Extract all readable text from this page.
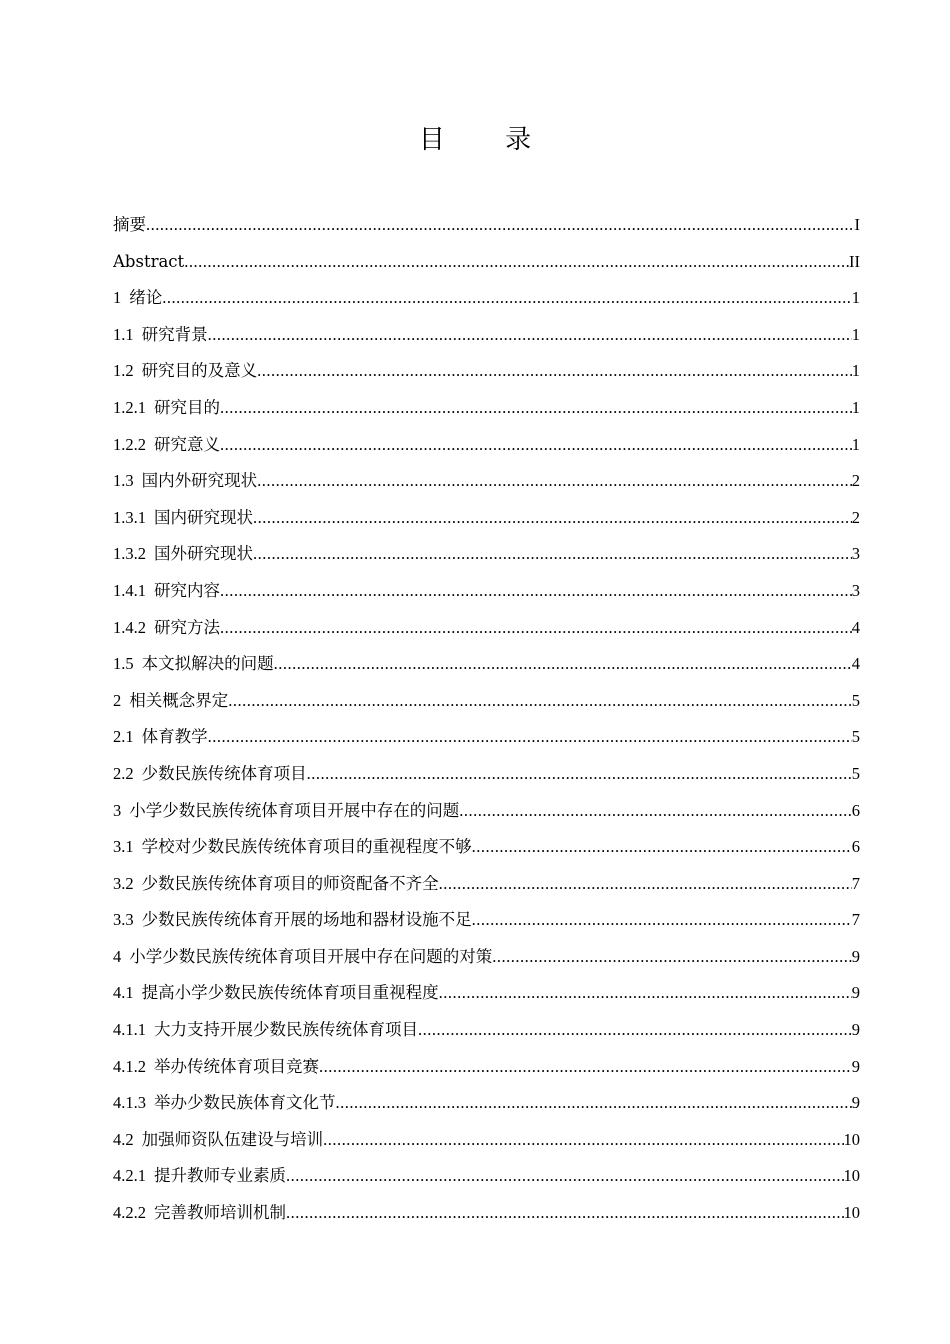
目 录
摘要 .....	I
Abstract .....	II
1 绪论 .....	1
1.1 研究背景 .....	1
1.2 研究目的及意义 .....	1
1.2.1 研究目的 .....	1
1.2.2 研究意义 .....	1
1.3 国内外研究现状 .....	2
1.3.1 国内研究现状 .....	2
1.3.2 国外研究现状 .....	3
1.4.1 研究内容 .....	3
1.4.2 研究方法 .....	4
1.5 本文拟解决的问题 .....	4
2 相关概念界定 .....	5
2.1 体育教学 .....	5
2.2 少数民族传统体育项目 .....	5
3 小学少数民族传统体育项目开展中存在的问题 .....	6
3.1 学校对少数民族传统体育项目的重视程度不够 .....	6
3.2 少数民族传统体育项目的师资配备不齐全 .....	7
3.3 少数民族传统体育开展的场地和器材设施不足 .....	7
4 小学少数民族传统体育项目开展中存在问题的对策 .....	9
4.1 提高小学少数民族传统体育项目重视程度 .....	9
4.1.1 大力支持开展少数民族传统体育项目 .....	9
4.1.2 举办传统体育项目竞赛 .....	9
4.1.3 举办少数民族体育文化节 .....	9
4.2 加强师资队伍建设与培训 .....	10
4.2.1 提升教师专业素质 .....	10
4.2.2 完善教师培训机制 .....	10
